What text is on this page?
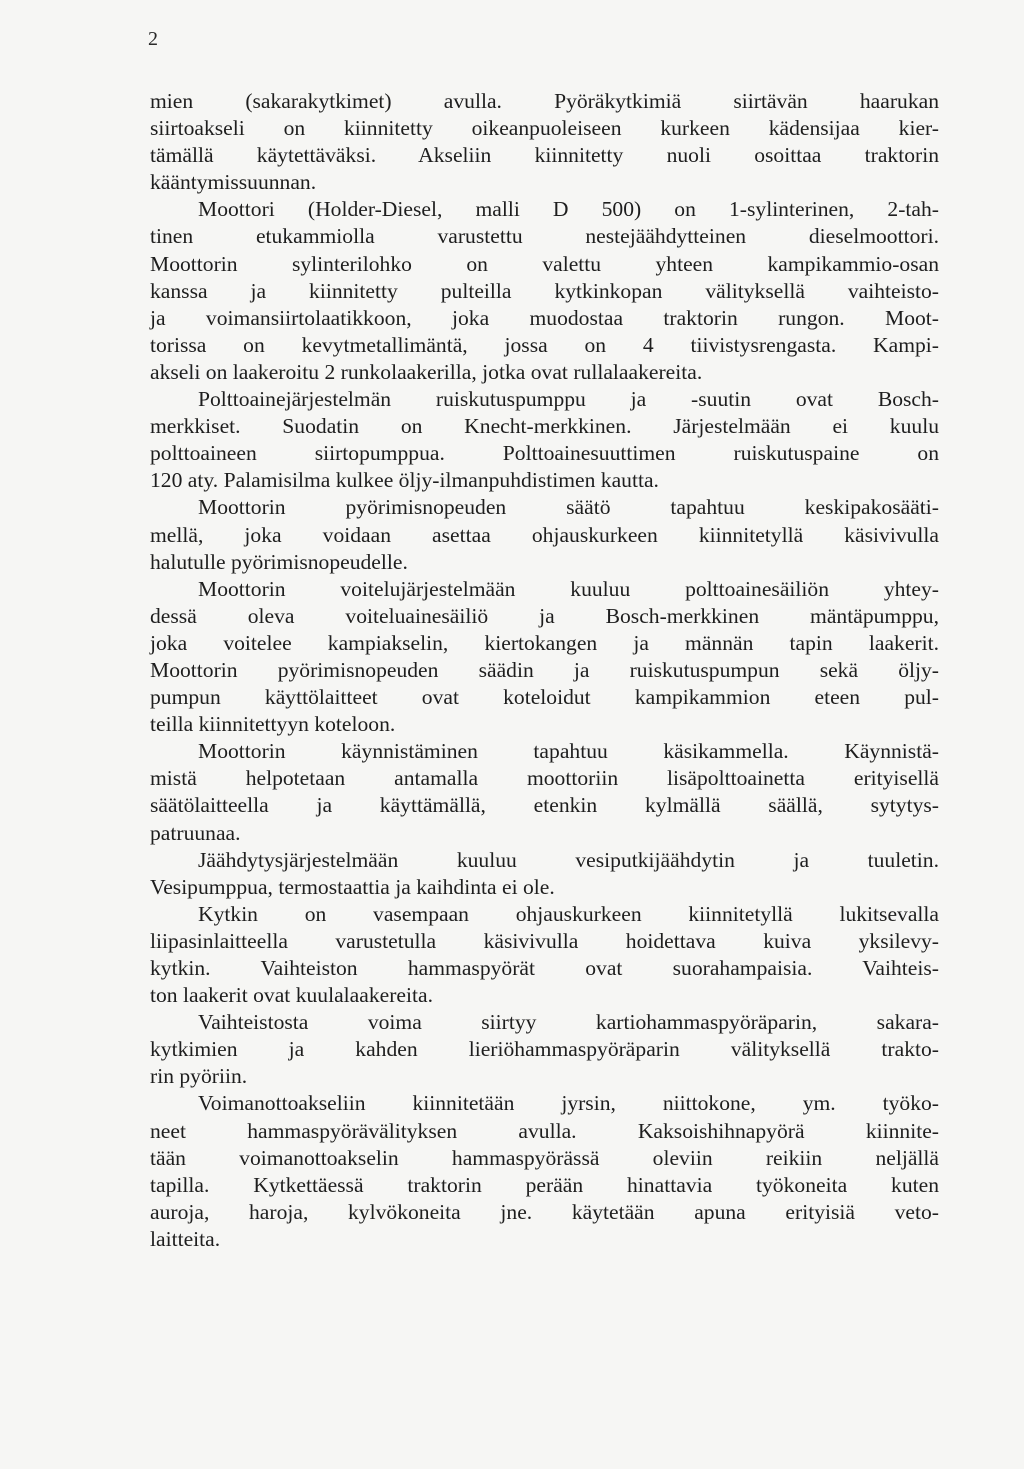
2
mien (sakarakytkimet) avulla. Pyöräkytkimiä siirtävän haarukan
siirtoakseli on kiinnitetty oikeanpuoleiseen kurkeen kädensijaa kier-
tämällä käytettäväksi. Akseliin kiinnitetty nuoli osoittaa traktorin
kääntymissuunnan.
Moottori (Holder-Diesel, malli D 500) on 1-sylinterinen, 2-tah-
tinen etukammiolla varustettu nestejäähdytteinen dieselmoottori.
Moottorin sylinterilohko on valettu yhteen kampikammio-osan
kanssa ja kiinnitetty pulteilla kytkinkopan välityksellä vaihteisto-
ja voimansiirtolaatikkoon, joka muodostaa traktorin rungon. Moot-
torissa on kevytmetallimäntä, jossa on 4 tiivistysrengasta. Kampi-
akseli on laakeroitu 2 runkolaakerilla, jotka ovat rullalaakereita.
Polttoainejärjestelmän ruiskutuspumppu ja -suutin ovat Bosch-
merkkiset. Suodatin on Knecht-merkkinen. Järjestelmään ei kuulu
polttoaineen siirtopumppua. Polttoainesuuttimen ruiskutuspaine on
120 aty. Palamisilma kulkee öljy-ilmanpuhdistimen kautta.
Moottorin pyörimisnopeuden säätö tapahtuu keskipakosääti-
mellä, joka voidaan asettaa ohjauskurkeen kiinnitetyllä käsivivulla
halutulle pyörimisnopeudelle.
Moottorin voitelujärjestelmään kuuluu polttoainesäiliön yhtey-
dessä oleva voiteluainesäiliö ja Bosch-merkkinen mäntäpumppu,
joka voitelee kampiakselin, kiertokangen ja männän tapin laakerit.
Moottorin pyörimisnopeuden säädin ja ruiskutuspumpun sekä öljy-
pumpun käyttölaitteet ovat koteloidut kampikammion eteen pul-
teilla kiinnitettyyn koteloon.
Moottorin käynnistäminen tapahtuu käsikammella. Käynnistä-
mistä helpotetaan antamalla moottoriin lisäpolttoainetta erityisellä
säätölaitteella ja käyttämällä, etenkin kylmällä säällä, sytytys-
patruunaa.
Jäähdytysjärjestelmään kuuluu vesiputkijäähdytin ja tuuletin.
Vesipumppua, termostaattia ja kaihdinta ei ole.
Kytkin on vasempaan ohjauskurkeen kiinnitetyllä lukitsevalla
liipasinlaitteella varustetulla käsivivulla hoidettava kuiva yksilevy-
kytkin. Vaihteiston hammaspyörät ovat suorahampaisia. Vaihteis-
ton laakerit ovat kuulalaakereita.
Vaihteistosta voima siirtyy kartiohammaspyöräparin, sakara-
kytkimien ja kahden lieriöhammaspyöräparin välityksellä trakto-
rin pyöriin.
Voimanottoakseliin kiinnitetään jyrsin, niittokone, ym. työko-
neet hammaspyörävälityksen avulla. Kaksoishihnapyörä kiinnite-
tään voimanottoakselin hammaspyörässä oleviin reikiin neljällä
tapilla. Kytkettäessä traktorin perään hinattavia työkoneita kuten
auroja, haroja, kylvökoneita jne. käytetään apuna erityisiä veto-
laitteita.
